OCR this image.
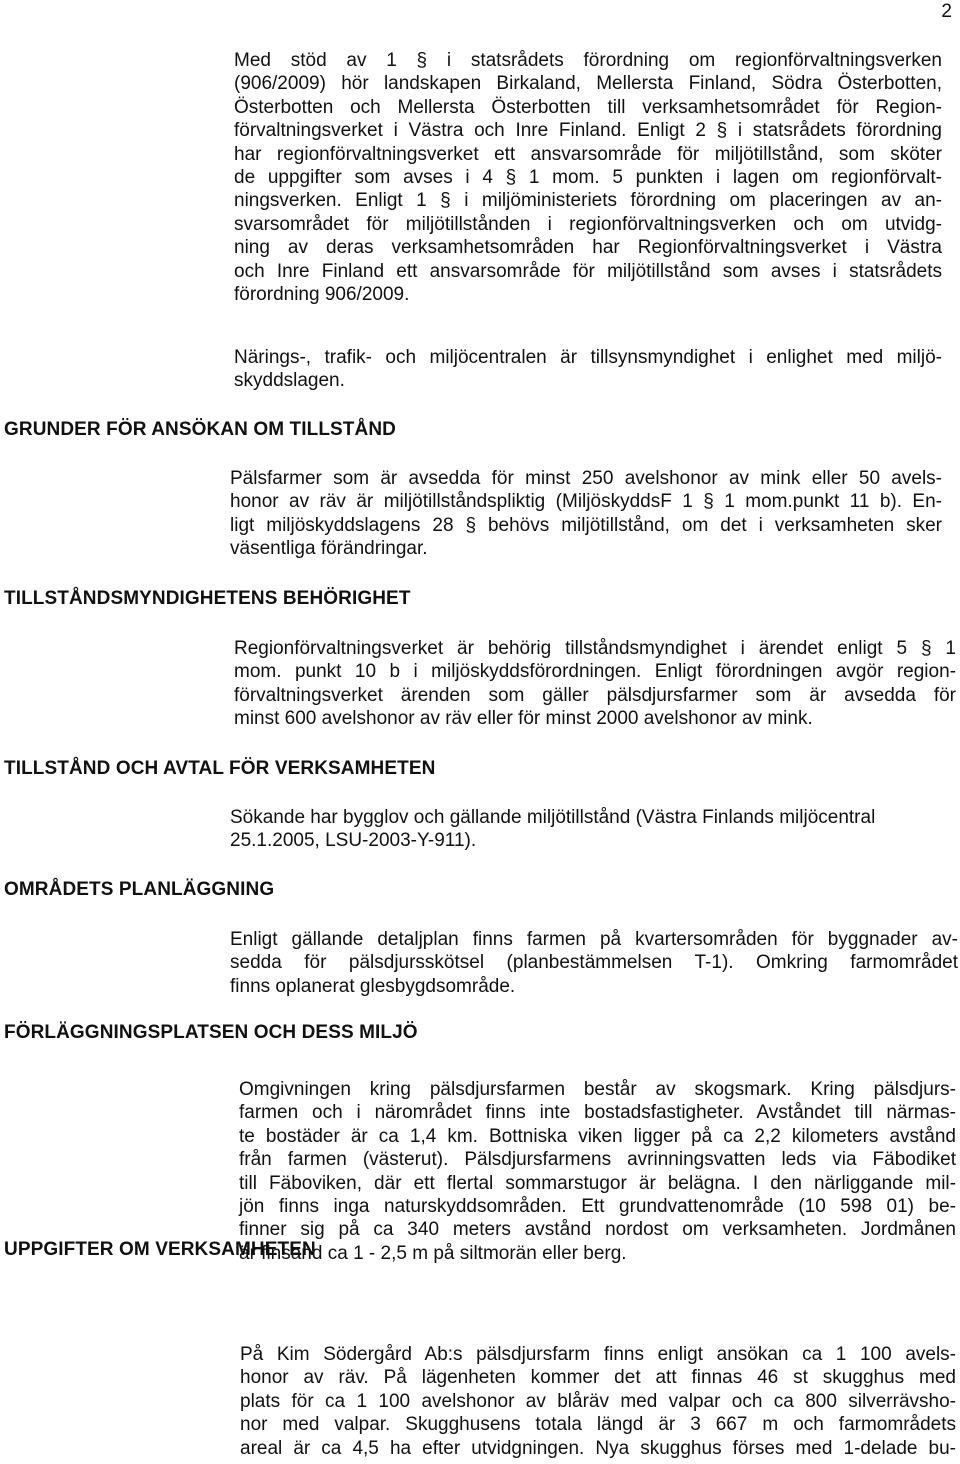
2
Med stöd av 1 § i statsrådets förordning om regionförvaltningsverken
(906/2009) hör landskapen Birkaland, Mellersta Finland, Södra Österbotten,
Österbotten och Mellersta Österbotten till verksamhetsområdet för Region-
förvaltningsverket i Västra och Inre Finland. Enligt 2 § i statsrådets förordning
har regionförvaltningsverket ett ansvarsområde för miljötillstånd, som sköter
de uppgifter som avses i 4 § 1 mom. 5 punkten i lagen om regionförvalt-
ningsverken. Enligt 1 § i miljöministeriets förordning om placeringen av an-
svarsområdet för miljötillstånden i regionförvaltningsverken och om utvidg-
ning av deras verksamhetsområden har Regionförvaltningsverket i Västra
och Inre Finland ett ansvarsområde för miljötillstånd som avses i statsrådets
förordning 906/2009.
Närings-, trafik- och miljöcentralen är tillsynsmyndighet i enlighet med miljö-
skyddslagen.
GRUNDER FÖR ANSÖKAN OM TILLSTÅND
Pälsfarmer som är avsedda för minst 250 avelshonor av mink eller 50 avels-
honor av räv är miljötillståndspliktig (MiljöskyddsF 1 § 1 mom.punkt 11 b). En-
ligt miljöskyddslagens 28 § behövs miljötillstånd, om det i verksamheten sker
väsentliga förändringar.
TILLSTÅNDSMYNDIGHETENS BEHÖRIGHET
Regionförvaltningsverket är behörig tillståndsmyndighet i ärendet enligt 5 § 1
mom. punkt 10 b i miljöskyddsförordningen. Enligt förordningen avgör region-
förvaltningsverket ärenden som gäller pälsdjursfarmer som är avsedda för
minst 600 avelshonor av räv eller för minst 2000 avelshonor av mink.
TILLSTÅND OCH AVTAL FÖR VERKSAMHETEN
Sökande har bygglov och gällande miljötillstånd (Västra Finlands miljöcentral
25.1.2005, LSU-2003-Y-911).
OMRÅDETS PLANLÄGGNING
Enligt gällande detaljplan finns farmen på kvartersområden för byggnader av-
sedda för pälsdjursskötsel (planbestämmelsen T-1). Omkring farmområdet
finns oplanerat glesbygdsområde.
FÖRLÄGGNINGSPLATSEN OCH DESS MILJÖ
Omgivningen kring pälsdjursfarmen består av skogsmark. Kring pälsdjurs-
farmen och i närområdet finns inte bostadsfastigheter. Avståndet till närmas-
te bostäder är ca 1,4 km. Bottniska viken ligger på ca 2,2 kilometers avstånd
från farmen (västerut). Pälsdjursfarmens avrinningsvatten leds via Fäbodiket
till Fäboviken, där ett flertal sommarstugor är belägna. I den närliggande mil-
jön finns inga naturskyddsområden. Ett grundvattenområde (10 598 01) be-
finner sig på ca 340 meters avstånd nordost om verksamheten. Jordmånen
är finsand ca 1 - 2,5 m på siltmorän eller berg.
UPPGIFTER OM VERKSAMHETEN
På Kim Södergård Ab:s pälsdjursfarm finns enligt ansökan ca 1 100 avels-
honor av räv. På lägenheten kommer det att finnas 46 st skugghus med
plats för ca 1 100 avelshonor av blåräv med valpar och ca 800 silverrävsho-
nor med valpar. Skugghusens totala längd är 3 667 m och farmområdets
areal är ca 4,5 ha efter utvidgningen. Nya skugghus förses med 1-delade bu-
